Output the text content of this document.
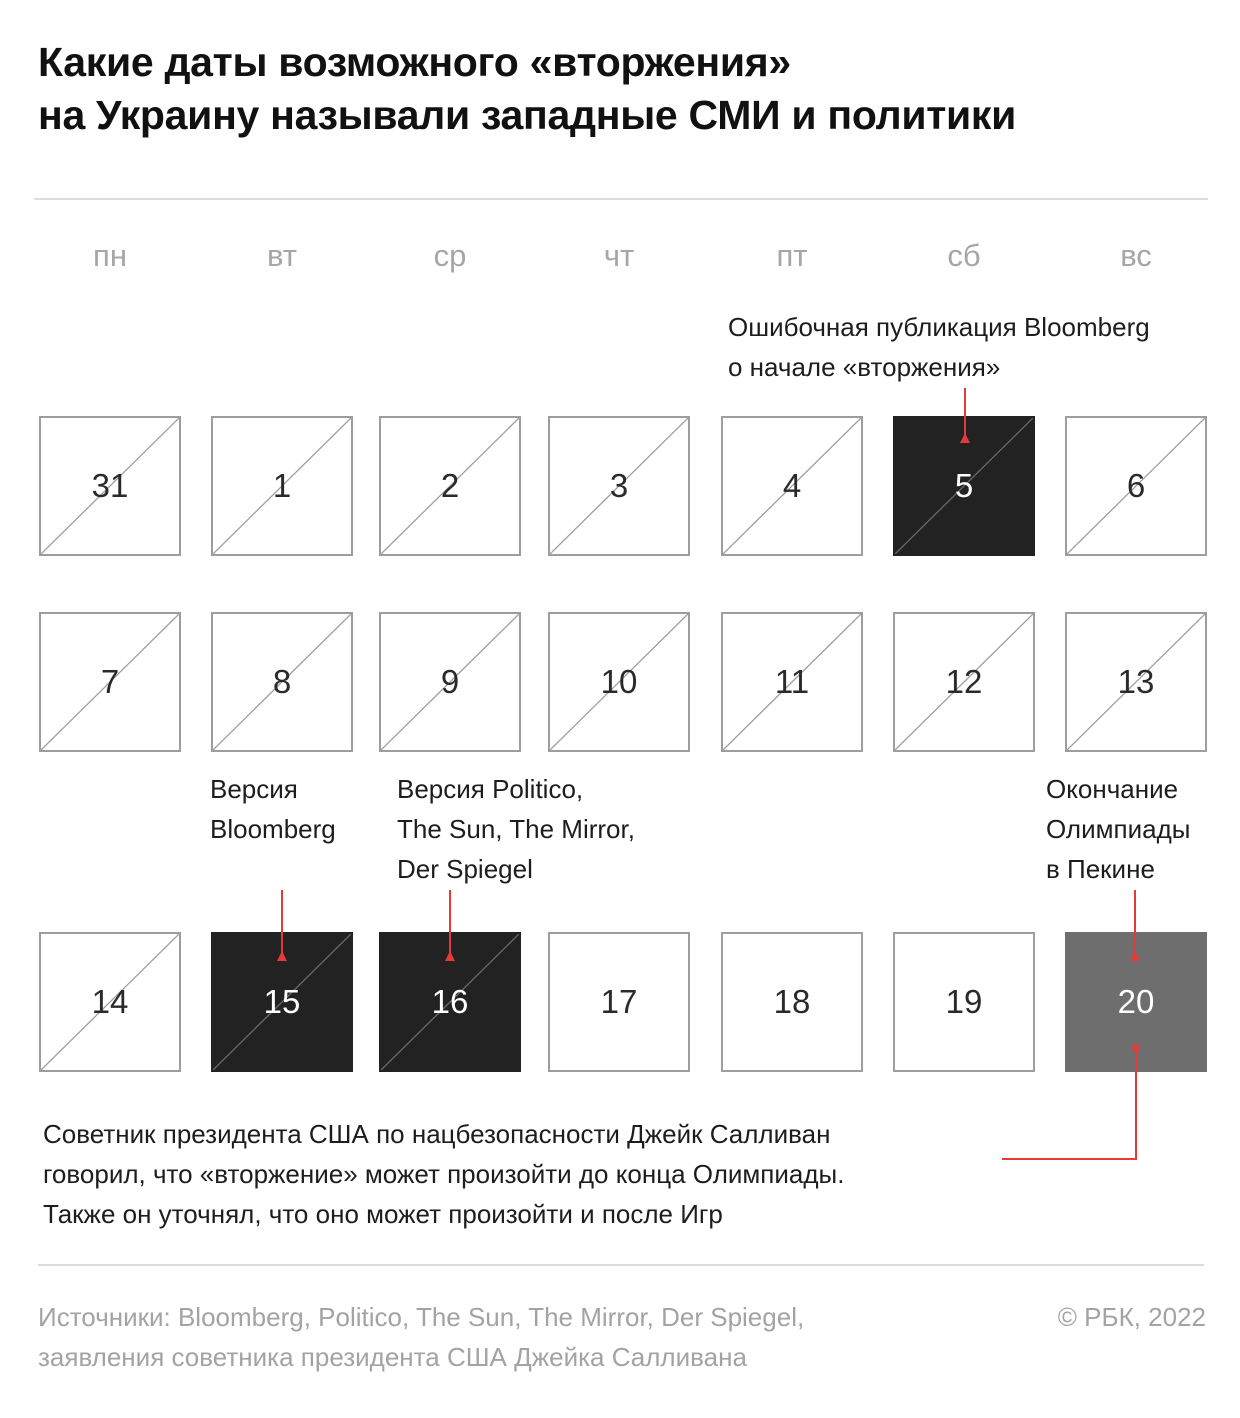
Какие даты возможного «вторжения»
на Украину называли западные СМИ и политики
пн	вт	ср	чт	пт	сб	вс
31	1	2	3	4	5	6
7	8	9	10	11	12	13
14	15	16	17	18	19	20
Ошибочная публикация Bloomberg
о начале «вторжения»
Версия
Bloomberg
Версия Politico,
The Sun, The Mirror,
Der Spiegel
Окончание
Олимпиады
в Пекине
Советник президента США по нацбезопасности Джейк Салливан
говорил, что «вторжение» может произойти до конца Олимпиады.
Также он уточнял, что оно может произойти и после Игр
Источники: Bloomberg, Politico, The Sun, The Mirror, Der Spiegel,
заявления советника президента США Джейка Салливана
© РБК, 2022
